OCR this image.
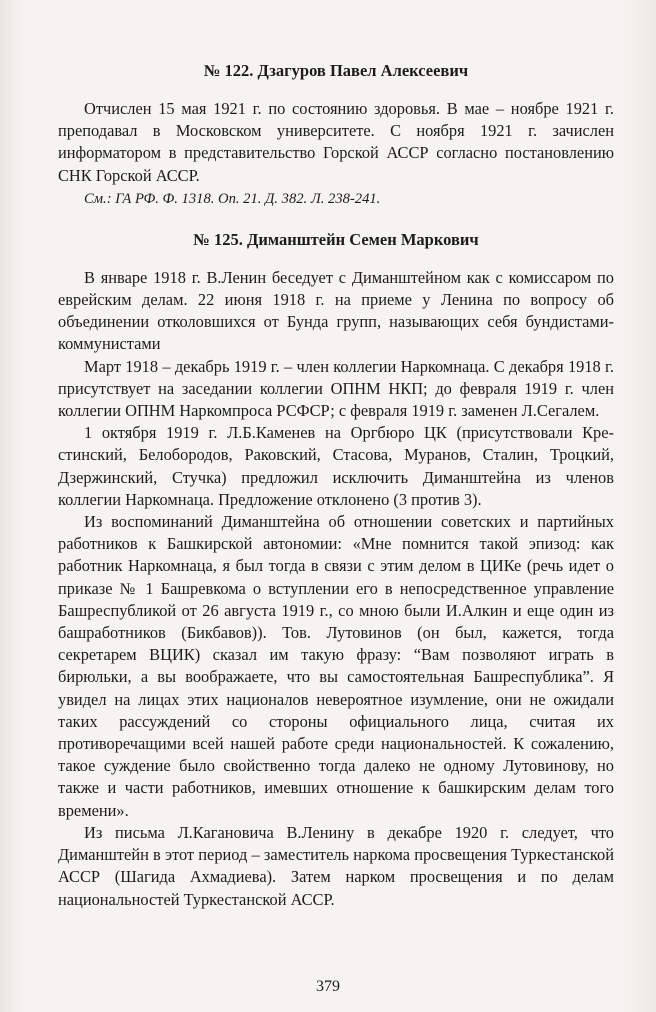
№ 122. Дзагуров Павел Алексеевич

Отчислен 15 мая 1921 г. по состоянию здоровья. В мае – ноябре 1921 г. преподавал в Московском университете. С ноября 1921 г. зачислен информатором в представительство Горской АССР согласно постановлению СНК Горской АССР.

См.: ГА РФ. Ф. 1318. Оп. 21. Д. 382. Л. 238-241.

№ 125. Диманштейн Семен Маркович

В январе 1918 г. В.Ленин беседует с Диманштейном как с комиссаром по еврейским делам. 22 июня 1918 г. на приеме у Ленина по вопросу об объединении отколовшихся от Бунда групп, называющих себя бундистами-коммунистами

Март 1918 – декабрь 1919 г. – член коллегии Наркомнаца. С декабря 1918 г. присутствует на заседании коллегии ОПНМ НКП; до февраля 1919 г. член коллегии ОПНМ Наркомпроса РСФСР; с февраля 1919 г. заменен Л.Сегалем.

1 октября 1919 г. Л.Б.Каменев на Оргбюро ЦК (присутствовали Крестинский, Белобородов, Раковский, Стасова, Муранов, Сталин, Троцкий, Дзержинский, Стучка) предложил исключить Диманштейна из членов коллегии Наркомнаца. Предложение отклонено (3 против 3).

Из воспоминаний Диманштейна об отношении советских и партийных работников к Башкирской автономии: «Мне помнится такой эпизод: как работник Наркомнаца, я был тогда в связи с этим делом в ЦИКе (речь идет о приказе № 1 Башревкома о вступлении его в непосредственное управление Башреспубликой от 26 августа 1919 г., со мною были И.Алкин и еще один из башработников (Бикбавов)). Тов. Лутовинов (он был, кажется, тогда секретарем ВЦИК) сказал им такую фразу: “Вам позволяют играть в бирюльки, а вы воображаете, что вы самостоятельная Башреспублика”. Я увидел на лицах этих националов невероятное изумление, они не ожидали таких рассуждений со стороны официального лица, считая их противоречащими всей нашей работе среди национальностей. К сожалению, такое суждение было свойственно тогда далеко не одному Лутовинову, но также и части работников, имевших отношение к башкирским делам того времени».

Из письма Л.Кагановича В.Ленину в декабре 1920 г. следует, что Диманштейн в этот период – заместитель наркома просвещения Туркестанской АССР (Шагида Ахмадиева). Затем нарком просвещения и по делам национальностей Туркестанской АССР.

379
